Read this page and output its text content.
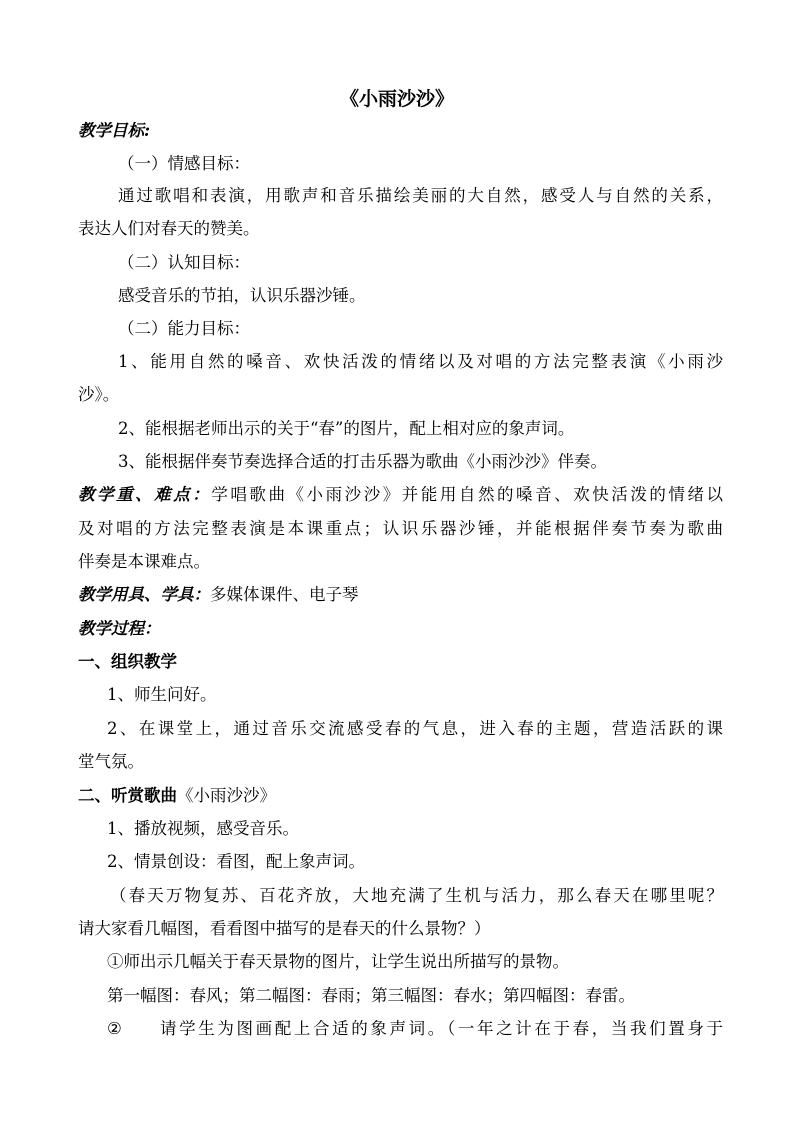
《小雨沙沙》
教学目标:
（一）情感目标：
通过歌唱和表演，用歌声和音乐描绘美丽的大自然，感受人与自然的关系，
表达人们对春天的赞美。
（二）认知目标：
感受音乐的节拍，认识乐器沙锤。
（二）能力目标：
1、能用自然的嗓音、欢快活泼的情绪以及对唱的方法完整表演《小雨沙
沙》。
2、能根据老师出示的关于“春”的图片，配上相对应的象声词。
3、能根据伴奏节奏选择合适的打击乐器为歌曲《小雨沙沙》伴奏。
教学重、难点：学唱歌曲《小雨沙沙》并能用自然的嗓音、欢快活泼的情绪以
及对唱的方法完整表演是本课重点；认识乐器沙锤，并能根据伴奏节奏为歌曲
伴奏是本课难点。
教学用具、学具：多媒体课件、电子琴
教学过程：
一、组织教学
1、师生问好。
2、在课堂上，通过音乐交流感受春的气息，进入春的主题，营造活跃的课
堂气氛。
二、听赏歌曲《小雨沙沙》
1、播放视频，感受音乐。
2、情景创设：看图，配上象声词。
（春天万物复苏、百花齐放，大地充满了生机与活力，那么春天在哪里呢？
请大家看几幅图，看看图中描写的是春天的什么景物？）
①师出示几幅关于春天景物的图片，让学生说出所描写的景物。
第一幅图：春风；第二幅图：春雨；第三幅图：春水；第四幅图：春雷。
②	请学生为图画配上合适的象声词。（一年之计在于春，当我们置身于
